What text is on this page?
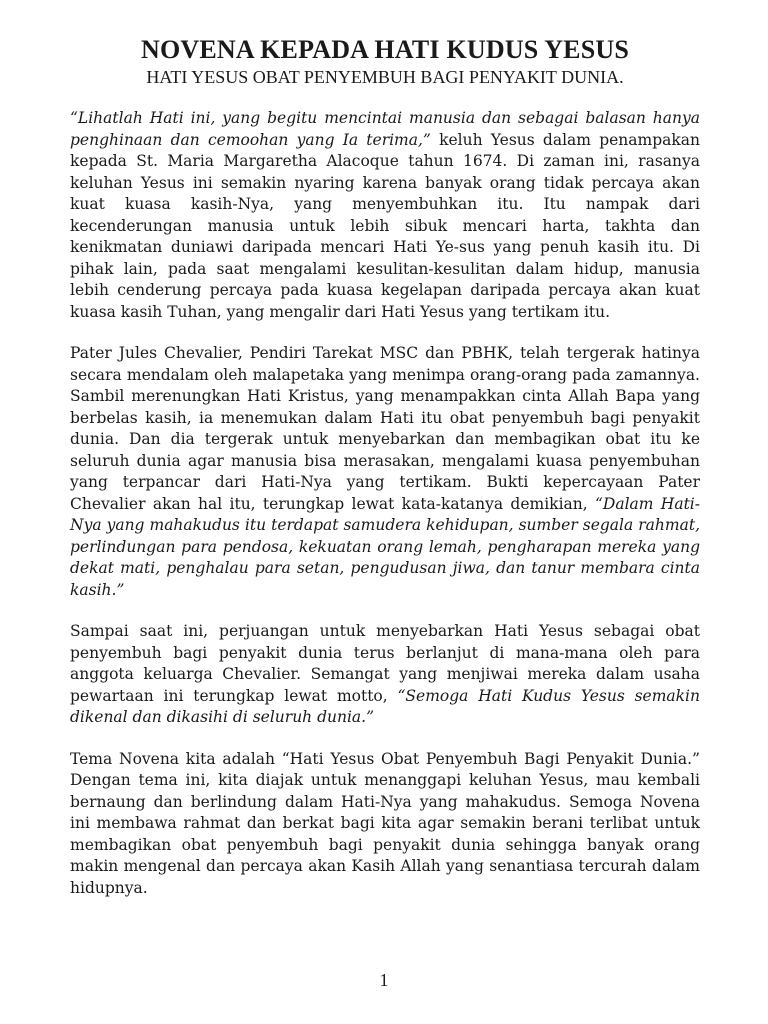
NOVENA KEPADA HATI KUDUS YESUS
HATI YESUS OBAT PENYEMBUH BAGI PENYAKIT DUNIA.

“Lihatlah Hati ini, yang begitu mencintai manusia dan sebagai balasan hanya penghinaan dan cemoohan yang Ia terima,” keluh Yesus dalam penampakan kepada St. Maria Margaretha Alacoque tahun 1674. Di zaman ini, rasanya keluhan Yesus ini semakin nyaring karena banyak orang tidak percaya akan kuat kuasa kasih-Nya, yang menyembuhkan itu. Itu nampak dari kecenderungan manusia untuk lebih sibuk mencari harta, takhta dan kenikmatan duniawi daripada mencari Hati Ye-sus yang penuh kasih itu. Di pihak lain, pada saat mengalami kesulitan-kesulitan dalam hidup, manusia lebih cenderung percaya pada kuasa kegelapan daripada percaya akan kuat kuasa kasih Tuhan, yang mengalir dari Hati Yesus yang tertikam itu.

Pater Jules Chevalier, Pendiri Tarekat MSC dan PBHK, telah tergerak hatinya secara mendalam oleh malapetaka yang menimpa orang-orang pada zamannya. Sambil merenungkan Hati Kristus, yang menampakkan cinta Allah Bapa yang berbelas kasih, ia menemukan dalam Hati itu obat penyembuh bagi penyakit dunia. Dan dia tergerak untuk menyebarkan dan membagikan obat itu ke seluruh dunia agar manusia bisa merasakan, mengalami kuasa penyembuhan yang terpancar dari Hati-Nya yang tertikam. Bukti kepercayaan Pater Chevalier akan hal itu, terungkap lewat kata-katanya demikian, “Dalam Hati-Nya yang mahakudus itu terdapat samudera kehidupan, sumber segala rahmat, perlindungan para pendosa, kekuatan orang lemah, pengharapan mereka yang dekat mati, penghalau para setan, pengudusan jiwa, dan tanur membara cinta kasih.”

Sampai saat ini, perjuangan untuk menyebarkan Hati Yesus sebagai obat penyembuh bagi penyakit dunia terus berlanjut di mana-mana oleh para anggota keluarga Chevalier. Semangat yang menjiwai mereka dalam usaha pewartaan ini terungkap lewat motto, “Semoga Hati Kudus Yesus semakin dikenal dan dikasihi di seluruh dunia.”

Tema Novena kita adalah “Hati Yesus Obat Penyembuh Bagi Penyakit Dunia.” Dengan tema ini, kita diajak untuk menanggapi keluhan Yesus, mau kembali bernaung dan berlindung dalam Hati-Nya yang mahakudus. Semoga Novena ini membawa rahmat dan berkat bagi kita agar semakin berani terlibat untuk membagikan obat penyembuh bagi penyakit dunia sehingga banyak orang makin mengenal dan percaya akan Kasih Allah yang senantiasa tercurah dalam hidupnya.

1
